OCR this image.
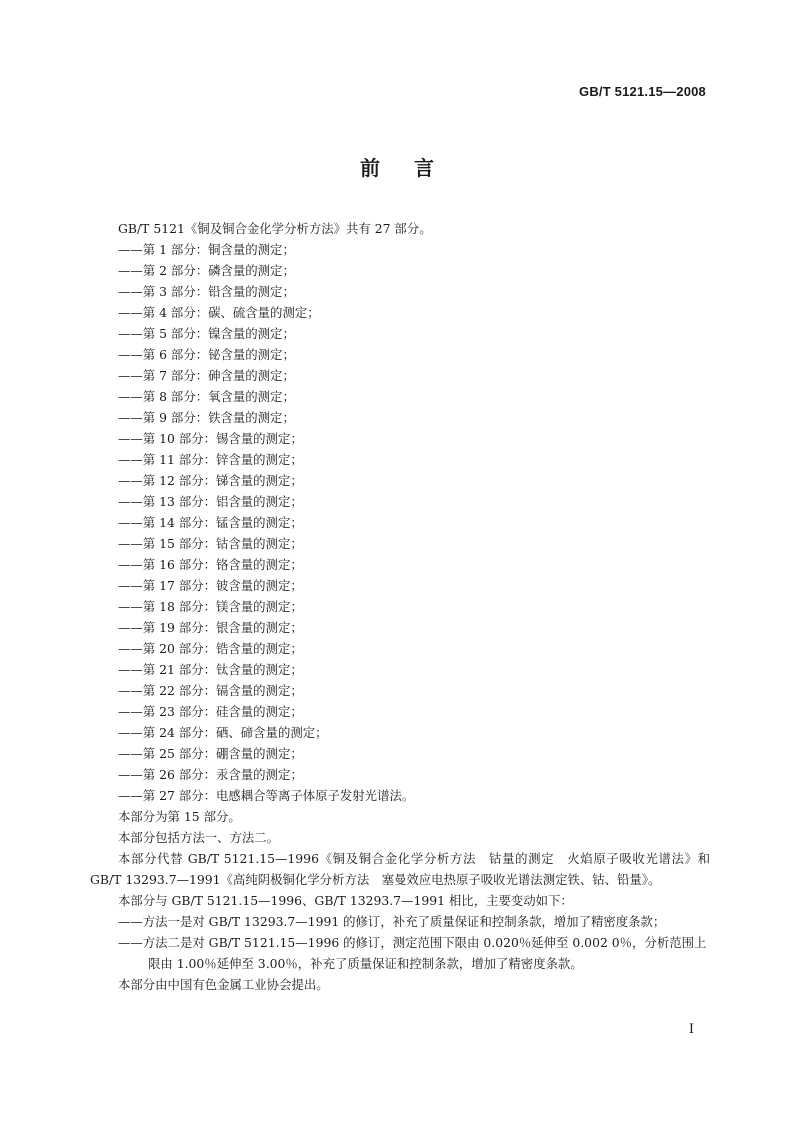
GB/T 5121.15—2008
前言
GB/T 5121《铜及铜合金化学分析方法》共有 27 部分。
——第 1 部分：铜含量的测定；
——第 2 部分：磷含量的测定；
——第 3 部分：铅含量的测定；
——第 4 部分：碳、硫含量的测定；
——第 5 部分：镍含量的测定；
——第 6 部分：铋含量的测定；
——第 7 部分：砷含量的测定；
——第 8 部分：氧含量的测定；
——第 9 部分：铁含量的测定；
——第 10 部分：锡含量的测定；
——第 11 部分：锌含量的测定；
——第 12 部分：锑含量的测定；
——第 13 部分：铝含量的测定；
——第 14 部分：锰含量的测定；
——第 15 部分：钴含量的测定；
——第 16 部分：铬含量的测定；
——第 17 部分：铍含量的测定；
——第 18 部分：镁含量的测定；
——第 19 部分：银含量的测定；
——第 20 部分：锆含量的测定；
——第 21 部分：钛含量的测定；
——第 22 部分：镉含量的测定；
——第 23 部分：硅含量的测定；
——第 24 部分：硒、碲含量的测定；
——第 25 部分：硼含量的测定；
——第 26 部分：汞含量的测定；
——第 27 部分：电感耦合等离子体原子发射光谱法。
本部分为第 15 部分。
本部分包括方法一、方法二。
本部分代替 GB/T 5121.15—1996《铜及铜合金化学分析方法　钴量的测定　火焰原子吸收光谱法》和 GB/T 13293.7—1991《高纯阴极铜化学分析方法　塞曼效应电热原子吸收光谱法测定铁、钴、铅量》。
本部分与 GB/T 5121.15—1996、GB/T 13293.7—1991 相比，主要变动如下：
——方法一是对 GB/T 13293.7—1991 的修订，补充了质量保证和控制条款，增加了精密度条款；
——方法二是对 GB/T 5121.15—1996 的修订，测定范围下限由 0.020％延伸至 0.002 0％，分析范围上限由 1.00％延伸至 3.00％，补充了质量保证和控制条款，增加了精密度条款。
本部分由中国有色金属工业协会提出。
I
